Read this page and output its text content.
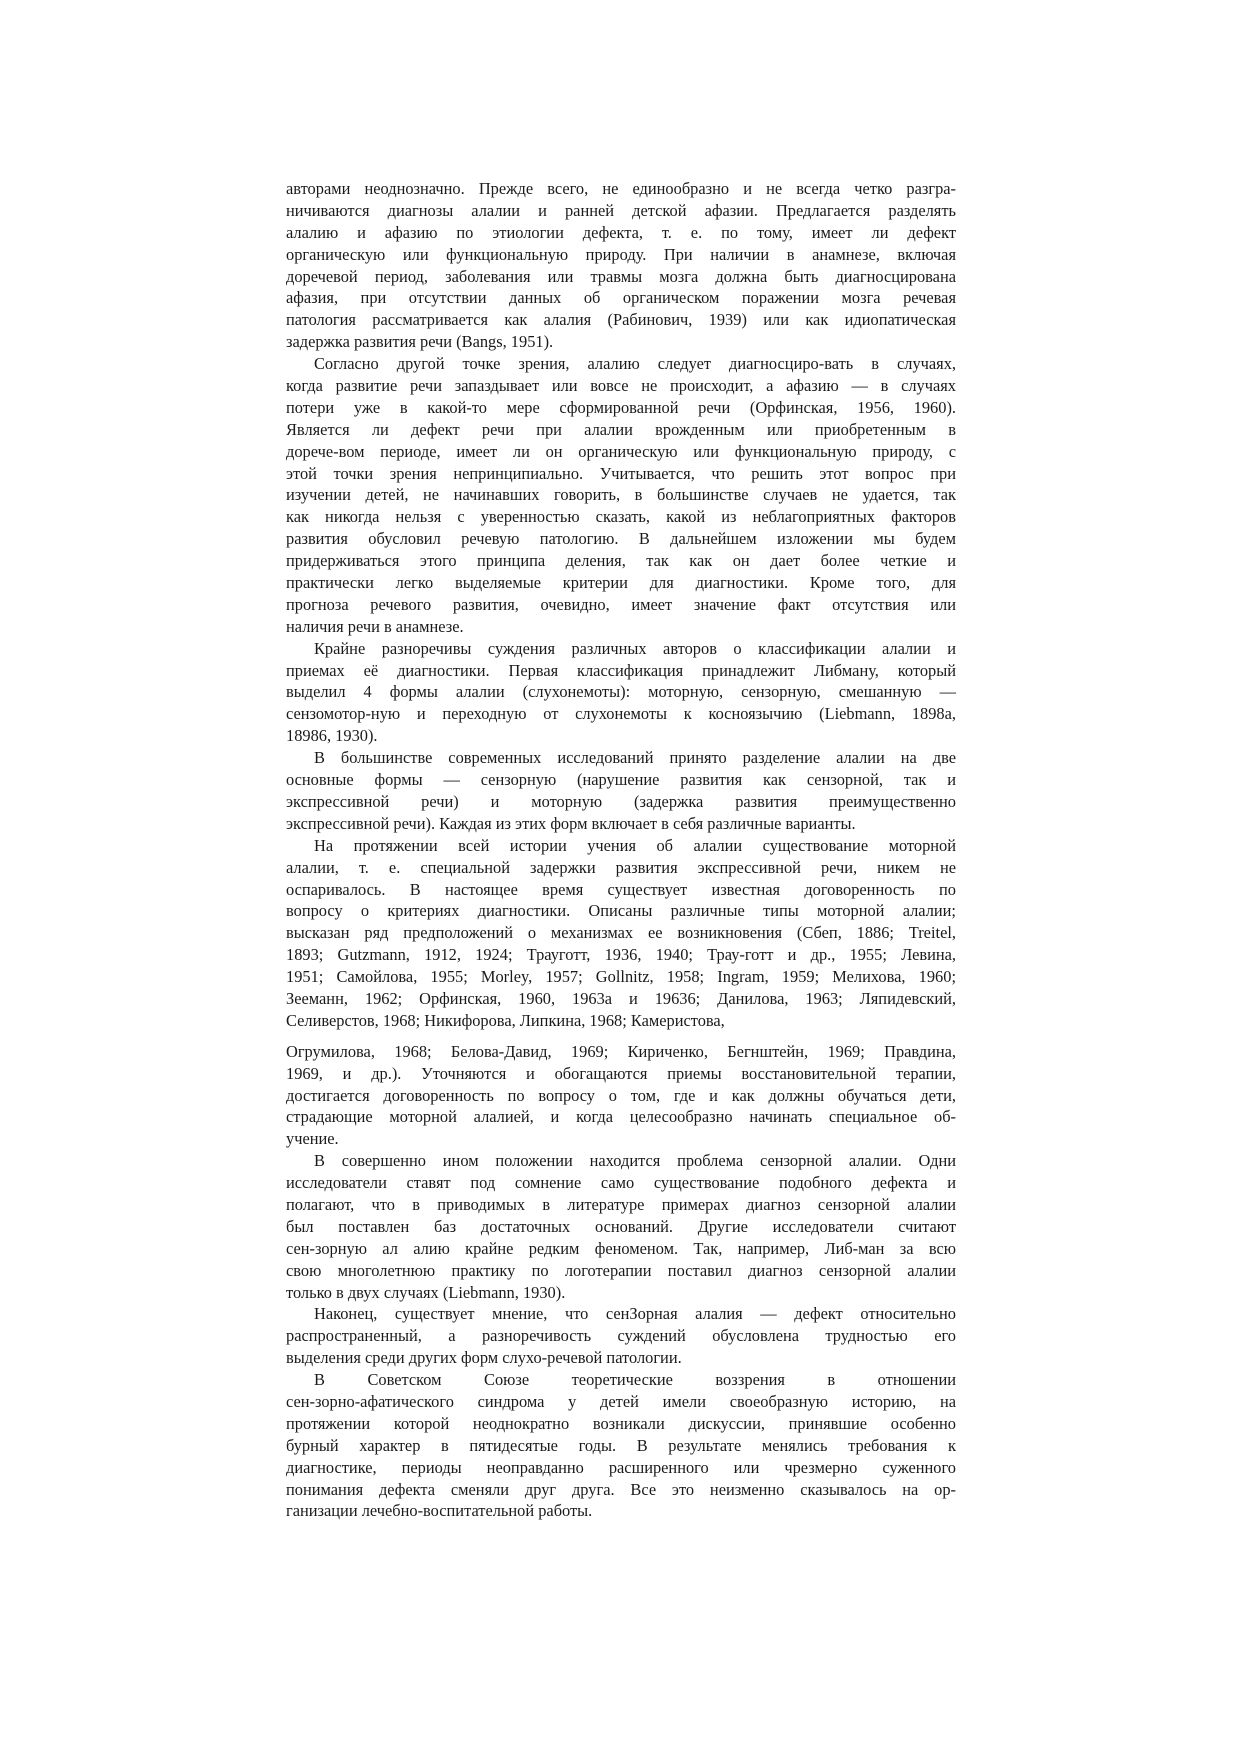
авторами неоднозначно. Прежде всего, не единообразно и не всегда четко разгра-
ничиваются диагнозы алалии и ранней детской афазии. Предлагается разделять
алалию и афазию по этиологии дефекта, т. е. по тому, имеет ли дефект
органическую или функциональную природу. При наличии в анамнезе, включая
доречевой период, заболевания или травмы мозга должна быть диагносцирована
афазия, при отсутствии данных об органическом поражении мозга речевая
патология рассматривается как алалия (Рабинович, 1939) или как идиопатическая
задержка развития речи (Bangs, 1951).
Согласно другой точке зрения, алалию следует диагносциро-вать в случаях,
когда развитие речи запаздывает или вовсе не происходит, а афазию — в случаях
потери уже в какой-то мере сформированной речи (Орфинская, 1956, 1960).
Является ли дефект речи при алалии врожденным или приобретенным в
дорече-вом периоде, имеет ли он органическую или функциональную природу, с
этой точки зрения непринципиально. Учитывается, что решить этот вопрос при
изучении детей, не начинавших говорить, в большинстве случаев не удается, так
как никогда нельзя с уверенностью сказать, какой из неблагоприятных факторов
развития обусловил речевую патологию. В дальнейшем изложении мы будем
придерживаться этого принципа деления, так как он дает более четкие и
практически легко выделяемые критерии для диагностики. Кроме того, для
прогноза речевого развития, очевидно, имеет значение факт отсутствия или
наличия речи в анамнезе.
Крайне разноречивы суждения различных авторов о классификации алалии и
приемах её диагностики. Первая классификация принадлежит Либману, который
выделил 4 формы алалии (слухонемоты): моторную, сензорную, смешанную —
сензомотор-ную и переходную от слухонемоты к косноязычию (Liebmann, 1898а,
18986, 1930).
В большинстве современных исследований принято разделение алалии на две
основные формы — сензорную (нарушение развития как сензорной, так и
экспрессивной речи) и моторную (задержка развития преимущественно
экспрессивной речи). Каждая из этих форм включает в себя различные варианты.
На протяжении всей истории учения об алалии существование моторной
алалии, т. е. специальной задержки развития экспрессивной речи, никем не
оспаривалось. В настоящее время существует известная договоренность по
вопросу о критериях диагностики. Описаны различные типы моторной алалии;
высказан ряд предположений о механизмах ее возникновения (Сбеп, 1886; Treitel,
1893; Gutzmann, 1912, 1924; Трауготт, 1936, 1940; Трау-готт и др., 1955; Левина,
1951; Самойлова, 1955; Morley, 1957; Gollnitz, 1958; Ingram, 1959; Мелихова, 1960;
Зееманн, 1962; Орфинская, 1960, 1963а и 19636; Данилова, 1963; Ляпидевский,
Селиверстов, 1968; Никифорова, Липкина, 1968; Камеристова,
Огрумилова, 1968; Белова-Давид, 1969; Кириченко, Бегнштейн, 1969; Правдина,
1969, и др.). Уточняются и обогащаются приемы восстановительной терапии,
достигается договоренность по вопросу о том, где и как должны обучаться дети,
страдающие моторной алалией, и когда целесообразно начинать специальное об-
учение.
В совершенно ином положении находится проблема сензорной алалии. Одни
исследователи ставят под сомнение само существование подобного дефекта и
полагают, что в приводимых в литературе примерах диагноз сензорной алалии
был поставлен баз достаточных оснований. Другие исследователи считают
сен-зорную ал алию крайне редким феноменом. Так, например, Либ-ман за всю
свою многолетнюю практику по логотерапии поставил диагноз сензорной алалии
только в двух случаях (Liebmann, 1930).
Наконец, существует мнение, что сенЗорная алалия — дефект относительно
распространенный, а разноречивость суждений обусловлена трудностью его
выделения среди других форм слухо-речевой патологии.
В Советском Союзе теоретические воззрения в отношении
сен-зорно-афатического синдрома у детей имели своеобразную историю, на
протяжении которой неоднократно возникали дискуссии, принявшие особенно
бурный характер в пятидесятые годы. В результате менялись требования к
диагностике, периоды неоправданно расширенного или чрезмерно суженного
понимания дефекта сменяли друг друга. Все это неизменно сказывалось на ор-
ганизации лечебно-воспитательной работы.
